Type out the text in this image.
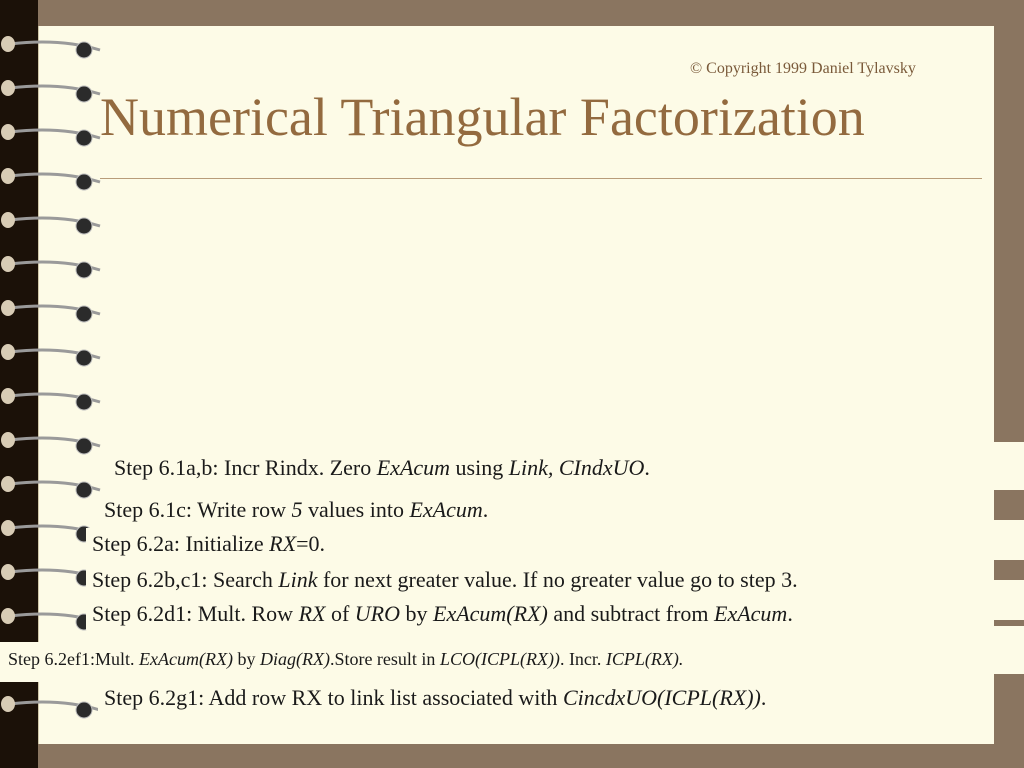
© Copyright 1999 Daniel Tylavsky
Numerical Triangular Factorization
Step 6.1a,b: Incr Rindx. Zero ExAcum using Link, CIndxUO.
Step 6.1c: Write row 5 values into ExAcum.
Step 6.2a: Initialize RX=0.
Step 6.2b,c1: Search Link for next greater value. If no greater value go to step 3.
Step 6.2d1: Mult. Row RX of URO by ExAcum(RX) and subtract from ExAcum.
Step 6.2ef1:Mult. ExAcum(RX) by Diag(RX).Store result in LCO(ICPL(RX)). Incr. ICPL(RX).
Step 6.2g1: Add row RX to link list associated with CincdxUO(ICPL(RX)).
